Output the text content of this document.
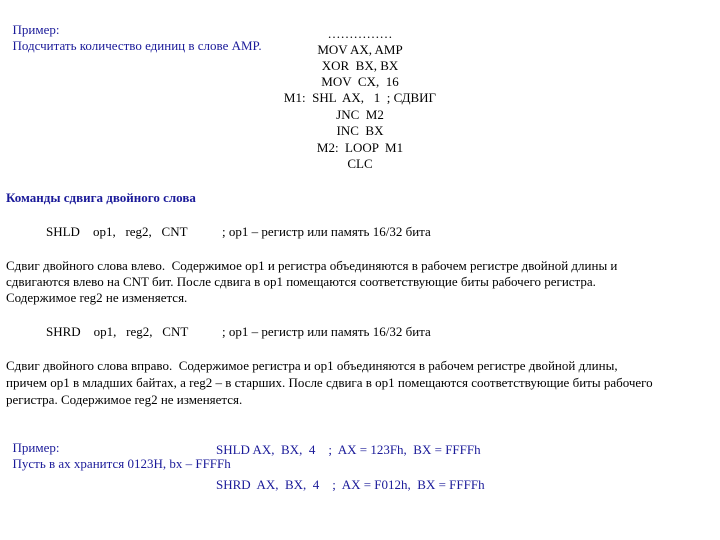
Пример:
Подсчитать количество единиц в слове AMP.

……………
MOV AX, AMP
XOR  BX, BX
MOV  CX,  16
M1:  SHL  AX,   1  ; СДВИГ
JNC  M2
INC  BX
M2:  LOOP  M1
CLC
Команды сдвига двойного слова
SHLD    op1,   reg2,   CNT	; op1 – регистр или память 16/32 бита
Сдвиг двойного слова влево.  Содержимое op1 и регистра объединяются в рабочем регистре двойной длины и
сдвигаются влево на CNT бит. После сдвига в op1 помещаются соответствующие биты рабочего регистра.
Содержимое reg2 не изменяется.
SHRD    op1,   reg2,   CNT	; op1 – регистр или память 16/32 бита
Сдвиг двойного слова вправо.  Содержимое регистра и op1 объединяются в рабочем регистре двойной длины,
причем op1 в младших байтах, а reg2 – в старших. После сдвига в op1 помещаются соответствующие биты рабочего
регистра. Содержимое reg2 не изменяется.

Пример:
Пусть в ax хранится 0123H, bx – FFFFh

SHLD AX,  BX,  4    ;  AX = 123Fh,  BX = FFFFh
SHRD  AX,  BX,  4    ;  AX = F012h,  BX = FFFFh
